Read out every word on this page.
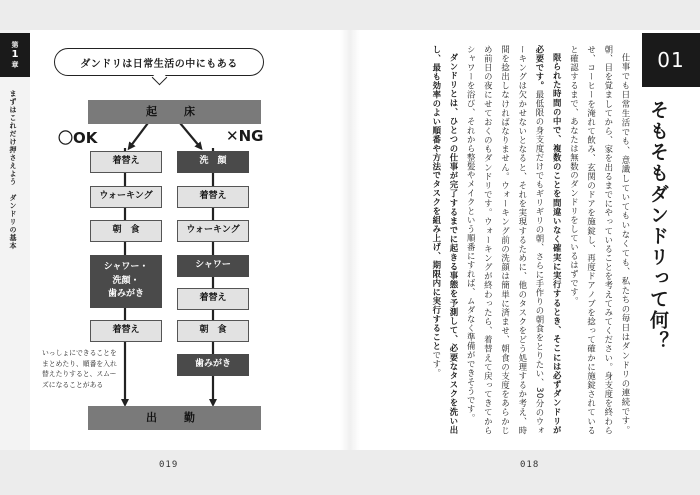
第
1
章
まずはこれだけ押さえよう　ダンドリの基本
ダンドリは日常生活の中にもある
起　床
〇OK	✕NG
着替え
ウォーキング
朝　食
シャワー・
洗顔・
歯みがき
着替え
洗　顔
着替え
ウォーキング
シャワー
着替え
朝　食
歯みがき
いっしょにできることをまとめたり、順番を入れ替えたりすると、スムーズになることがある
出　勤
019
01
そもそもダンドリって何？

仕事でも日常生活でも、意識していてもいなくても、私たちの毎日はダンドリの連続です。朝、目を覚ましてから、家を出るまでにやっていることを考えてみてください。身支度を終わらせ、コーヒーを淹れて飲み、玄関のドアを施錠し、再度ドアノブを捻って確かに施錠されていると確認するまで、あなたは無数のダンドリをしているはずです。

限られた時間の中で、複数のことを間違いなく確実に実行するとき、そこには必ずダンドリが必要です。最低限の身支度だけでもギリギリの朝、さらに手作りの朝食をとりたい、30分のウォーキングは欠かせないとなると、それを実現するために、他のタスクをどう処理するか考え、時間を捻出しなければなりません。ウォーキング前の洗顔は簡単に済ませ、朝食の支度をあらかじめ前日の夜にせておくのもダンドリです。ウォーキングが終わったら、着替えて戻ってきてからシャワーを浴び、それから整髪やメイクという順番にすれば、ムダなく準備ができそうです。

ダンドリとは、ひとつの仕事が完了するまでに起きる事態を予測して、必要なタスクを洗い出し、最も効率のよい順番や方法でタスクを組み上げ、期限内に実行することです。

018
